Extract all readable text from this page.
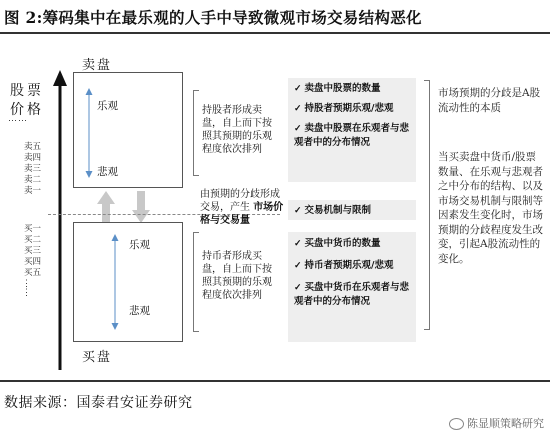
图 2:筹码集中在最乐观的人手中导致微观市场交易结构恶化
股票
价格
⋯⋯
卖五
卖四
卖三
卖二
卖一
买一
买二
买三
买四
买五
⋮
⋮
卖盘
乐观
悲观
乐观
悲观
买盘
持股者形成卖盘，自上而下按照其预期的乐观程度依次排列
由预期的分歧形成交易，产生 市场价格与交易量
持币者形成买盘，自上而下按照其预期的乐观程度依次排列
✓ 卖盘中股票的数量
✓ 持股者预期乐观/悲观
✓ 卖盘中股票在乐观者与悲观者中的分布情况
✓ 交易机制与限制
✓ 买盘中货币的数量
✓ 持币者预期乐观/悲观
✓ 买盘中货币在乐观者与悲观者中的分布情况
市场预期的分歧是A股流动性的本质
当买卖盘中货币/股票数量、在乐观与悲观者之中分布的结构、以及市场交易机制与限制等因素发生变化时，市场预期的分歧程度发生改变，引起A股流动性的变化。
数据来源：国泰君安证券研究
陈显顺策略研究
